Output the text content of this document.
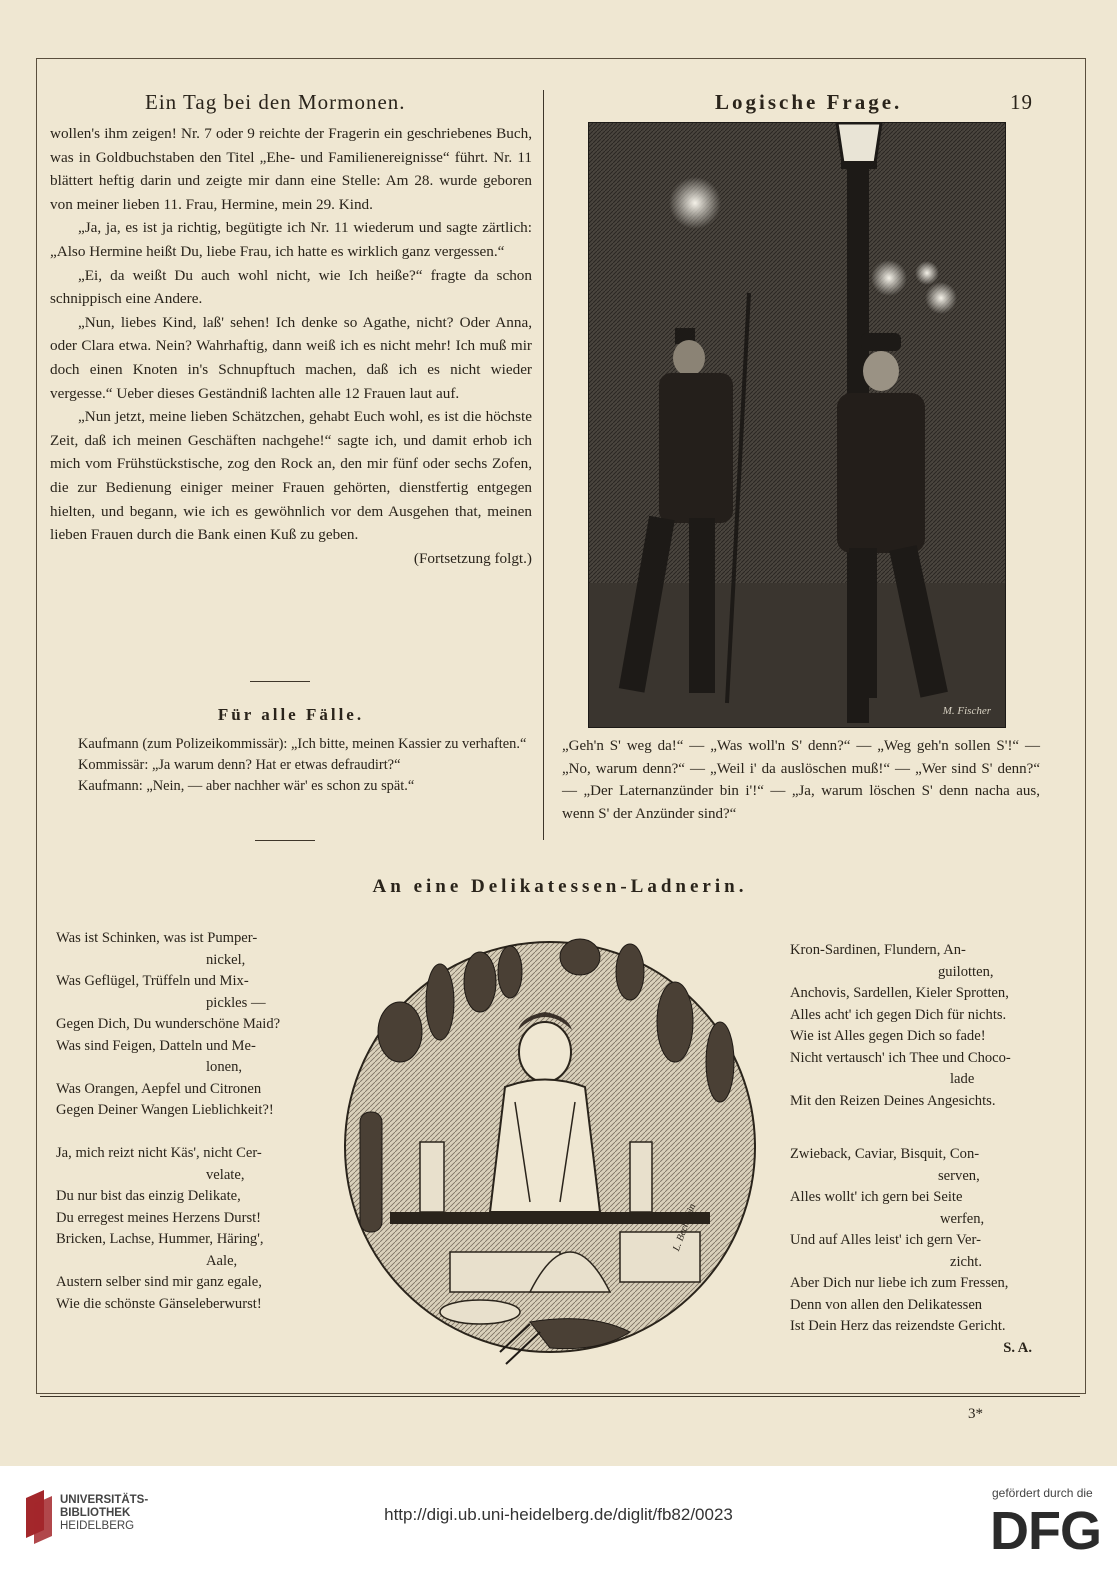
Ein Tag bei den Mormonen.	Logische Frage.	19

wollen's ihm zeigen! Nr. 7 oder 9 reichte der Fragerin ein geschriebenes Buch, was in Goldbuchstaben den Titel „Ehe- und Familienereignisse“ führt. Nr. 11 blättert heftig darin und zeigte mir dann eine Stelle: Am 28. wurde geboren von meiner lieben 11. Frau, Hermine, mein 29. Kind.

„Ja, ja, es ist ja richtig, begütigte ich Nr. 11 wiederum und sagte zärtlich: „Also Hermine heißt Du, liebe Frau, ich hatte es wirklich ganz vergessen.“

„Ei, da weißt Du auch wohl nicht, wie Ich heiße?“ fragte da schon schnippisch eine Andere.

„Nun, liebes Kind, laß' sehen! Ich denke so Agathe, nicht? Oder Anna, oder Clara etwa. Nein? Wahrhaftig, dann weiß ich es nicht mehr! Ich muß mir doch einen Knoten in's Schnupftuch machen, daß ich es nicht wieder vergesse.“ Ueber dieses Geständniß lachten alle 12 Frauen laut auf.

„Nun jetzt, meine lieben Schätzchen, gehabt Euch wohl, es ist die höchste Zeit, daß ich meinen Geschäften nachgehe!“ sagte ich, und damit erhob ich mich vom Frühstückstische, zog den Rock an, den mir fünf oder sechs Zofen, die zur Bedienung einiger meiner Frauen gehörten, dienstfertig entgegen hielten, und begann, wie ich es gewöhnlich vor dem Ausgehen that, meinen lieben Frauen durch die Bank einen Kuß zu geben.

(Fortsetzung folgt.)
Für alle Fälle.

Kaufmann (zum Polizeikommissär): „Ich bitte, meinen Kassier zu verhaften.“

Kommissär: „Ja warum denn? Hat er etwas defraudirt?“

Kaufmann: „Nein, — aber nachher wär' es schon zu spät.“

M. Fischer
„Geh'n S' weg da!“ — „Was woll'n S' denn?“ — „Weg geh'n sollen S'!“ — „No, warum denn?“ — „Weil i' da auslöschen muß!“ — „Wer sind S' denn?“ — „Der Laternanzünder bin i'!“ — „Ja, warum löschen S' denn nacha aus, wenn S' der Anzünder sind?“
An eine Delikatessen-Ladnerin.
Was ist Schinken, was ist Pumper-
nickel,
Was Geflügel, Trüffeln und Mix-
pickles —
Gegen Dich, Du wunderschöne Maid?
Was sind Feigen, Datteln und Me-
lonen,
Was Orangen, Aepfel und Citronen
Gegen Deiner Wangen Lieblichkeit?!
Ja, mich reizt nicht Käs', nicht Cer-
velate,
Du nur bist das einzig Delikate,
Du erregest meines Herzens Durst!
Bricken, Lachse, Hummer, Häring',
Aale,
Austern selber sind mir ganz egale,
Wie die schönste Gänseleberwurst!
L. Bechstein
Kron-Sardinen, Flundern, An-
guilotten,
Anchovis, Sardellen, Kieler Sprotten,
Alles acht' ich gegen Dich für nichts.
Wie ist Alles gegen Dich so fade!
Nicht vertausch' ich Thee und Choco-
lade
Mit den Reizen Deines Angesichts.
Zwieback, Caviar, Bisquit, Con-
serven,
Alles wollt' ich gern bei Seite
werfen,
Und auf Alles leist' ich gern Ver-
zicht.
Aber Dich nur liebe ich zum Fressen,
Denn von allen den Delikatessen
Ist Dein Herz das reizendste Gericht.
S. A.
3*
UNIVERSITÄTS-
BIBLIOTHEK
HEIDELBERG
http://digi.ub.uni-heidelberg.de/diglit/fb82/0023
gefördert durch die
DFG
